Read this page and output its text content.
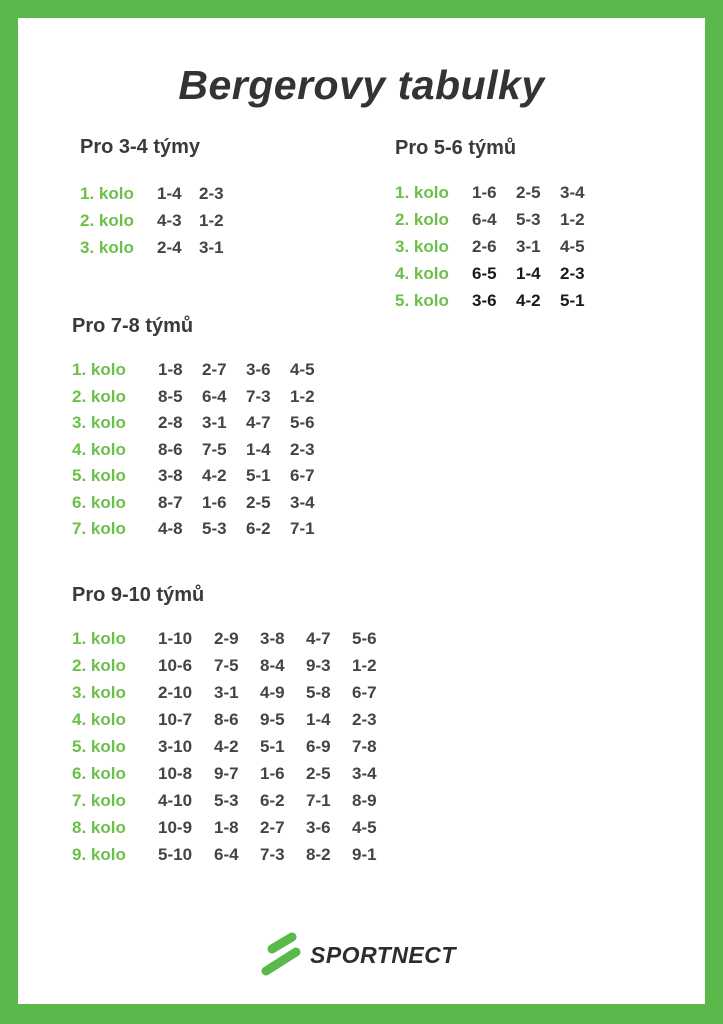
Bergerovy tabulky
Pro 3-4 týmy
1. kolo 1-4 2-3
2. kolo 4-3 1-2
3. kolo 2-4 3-1
Pro 5-6 týmů
1. kolo 1-6 2-5 3-4
2. kolo 6-4 5-3 1-2
3. kolo 2-6 3-1 4-5
4. kolo 6-5 1-4 2-3
5. kolo 3-6 4-2 5-1
Pro 7-8 týmů
1. kolo 1-8 2-7 3-6 4-5
2. kolo 8-5 6-4 7-3 1-2
3. kolo 2-8 3-1 4-7 5-6
4. kolo 8-6 7-5 1-4 2-3
5. kolo 3-8 4-2 5-1 6-7
6. kolo 8-7 1-6 2-5 3-4
7. kolo 4-8 5-3 6-2 7-1
Pro 9-10 týmů
1. kolo 1-10 2-9 3-8 4-7 5-6
2. kolo 10-6 7-5 8-4 9-3 1-2
3. kolo 2-10 3-1 4-9 5-8 6-7
4. kolo 10-7 8-6 9-5 1-4 2-3
5. kolo 3-10 4-2 5-1 6-9 7-8
6. kolo 10-8 9-7 1-6 2-5 3-4
7. kolo 4-10 5-3 6-2 7-1 8-9
8. kolo 10-9 1-8 2-7 3-6 4-5
9. kolo 5-10 6-4 7-3 8-2 9-1
SPORTNECT
